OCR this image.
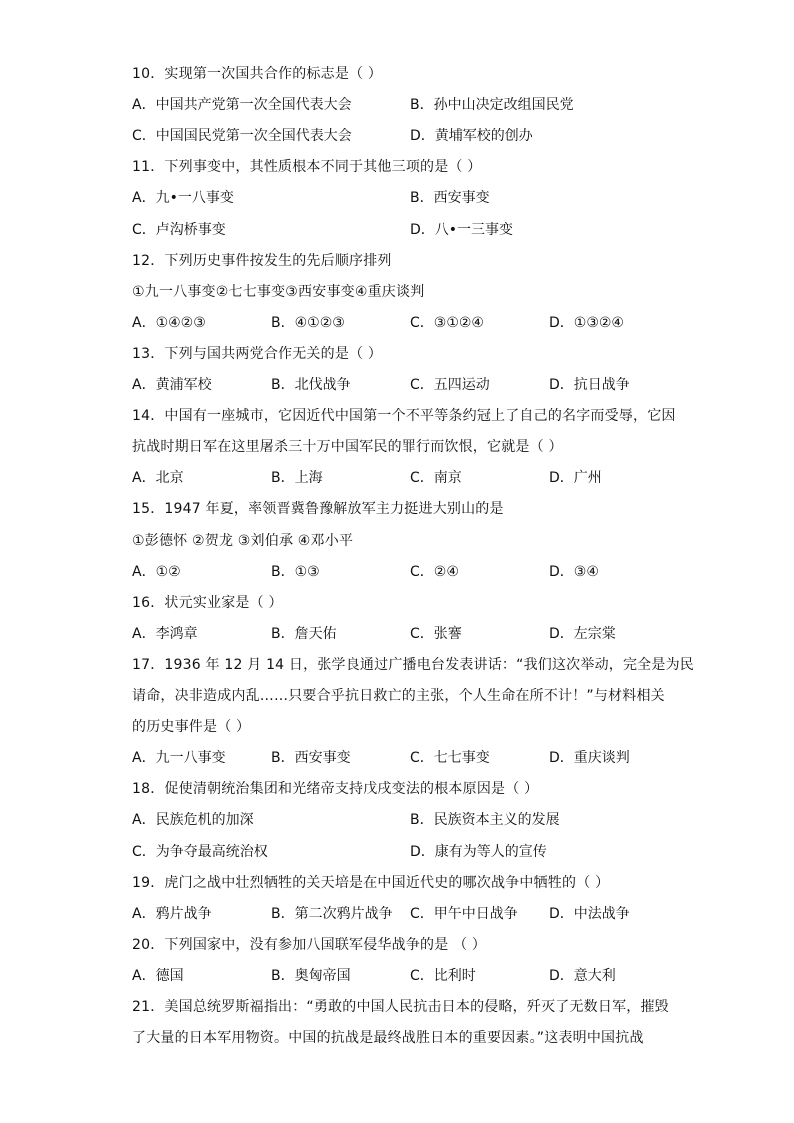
10．实现第一次国共合作的标志是（ ）
A．中国共产党第一次全国代表大会	B．孙中山决定改组国民党
C．中国国民党第一次全国代表大会	D．黄埔军校的创办
11．下列事变中，其性质根本不同于其他三项的是（ ）
A．九•一八事变	B．西安事变
C．卢沟桥事变	D．八•一三事变
12．下列历史事件按发生的先后顺序排列
①九一八事变②七七事变③西安事变④重庆谈判
A．①④②③	B．④①②③	C．③①②④	D．①③②④
13．下列与国共两党合作无关的是（ ）
A．黄浦军校	B．北伐战争	C．五四运动	D．抗日战争
14．中国有一座城市，它因近代中国第一个不平等条约冠上了自己的名字而受辱，它因
抗战时期日军在这里屠杀三十万中国军民的罪行而饮恨，它就是（ ）
A．北京	B．上海	C．南京	D．广州
15．1947 年夏，率领晋冀鲁豫解放军主力挺进大别山的是
①彭德怀 ②贺龙 ③刘伯承 ④邓小平
A．①②	B．①③	C．②④	D．③④
16．状元实业家是（ ）
A．李鸿章	B．詹天佑	C．张謇	D．左宗棠
17．1936 年 12 月 14 日，张学良通过广播电台发表讲话：“我们这次举动，完全是为民
请命，决非造成内乱……只要合乎抗日救亡的主张，个人生命在所不计！”与材料相关
的历史事件是（ ）
A．九一八事变	B．西安事变	C．七七事变	D．重庆谈判
18．促使清朝统治集团和光绪帝支持戊戌变法的根本原因是（ ）
A．民族危机的加深	B．民族资本主义的发展
C．为争夺最高统治权	D．康有为等人的宣传
19．虎门之战中壮烈牺牲的关天培是在中国近代史的哪次战争中牺牲的（ ）
A．鸦片战争	B．第二次鸦片战争 C．甲午中日战争 D．中法战争
20．下列国家中，没有参加八国联军侵华战争的是 （ ）
A．德国	B．奥匈帝国	C．比利时	D．意大利
21．美国总统罗斯福指出：“勇敢的中国人民抗击日本的侵略，歼灭了无数日军，摧毁
了大量的日本军用物资。中国的抗战是最终战胜日本的重要因素。”这表明中国抗战
